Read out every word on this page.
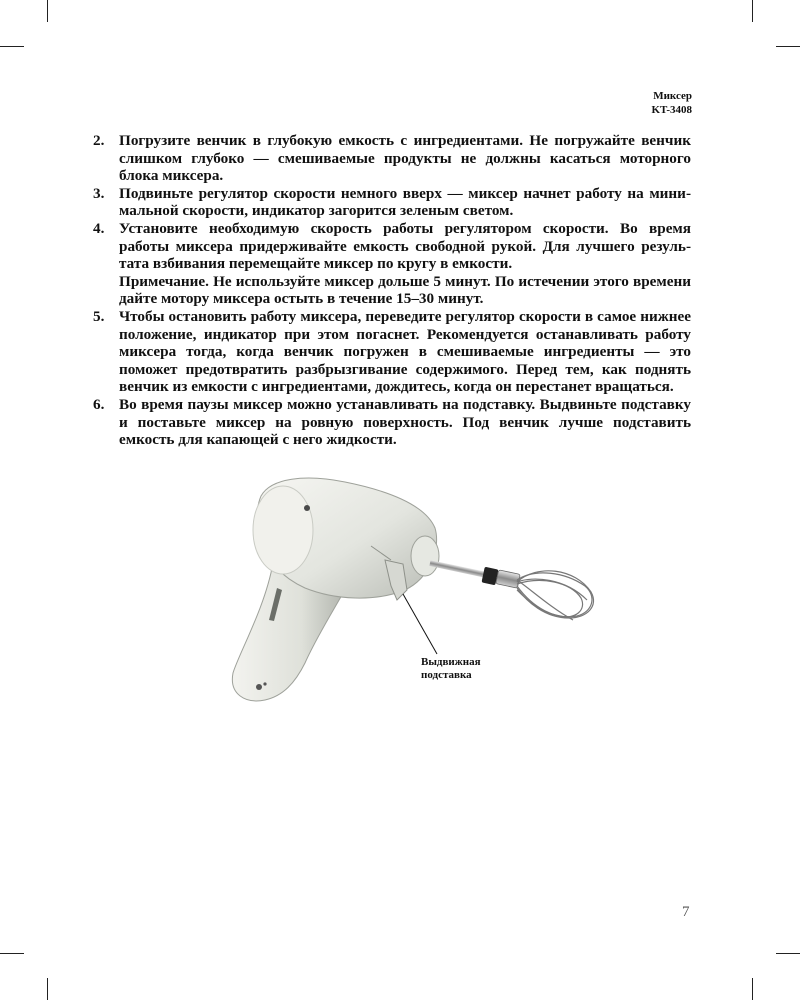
Миксер
KT-3408
2. Погрузите венчик в глубокую емкость с ингредиентами. Не погружайте венчик слишком глубоко — смешиваемые продукты не должны касаться моторного блока миксера.

3. Подвиньте регулятор скорости немного вверх — миксер начнет работу на минимальной скорости, индикатор загорится зеленым светом.

4. Установите необходимую скорость работы регулятором скорости. Во время работы миксера придерживайте емкость свободной рукой. Для лучшего результата взбивания перемещайте миксер по кругу в емкости.

Примечание. Не используйте миксер дольше 5 минут. По истечении этого времени дайте мотору миксера остыть в течение 15–30 минут.

5. Чтобы остановить работу миксера, переведите регулятор скорости в самое нижнее положение, индикатор при этом погаснет. Рекомендуется останавливать работу миксера тогда, когда венчик погружен в смешиваемые ингредиенты — это поможет предотвратить разбрызгивание содержимого. Перед тем, как поднять венчик из емкости с ингредиентами, дождитесь, когда он перестанет вращаться.

6. Во время паузы миксер можно устанавливать на подставку. Выдвиньте подставку и поставьте миксер на ровную поверхность. Под венчик лучше подставить емкость для капающей с него жидкости.

Выдвижная
подставка
7
